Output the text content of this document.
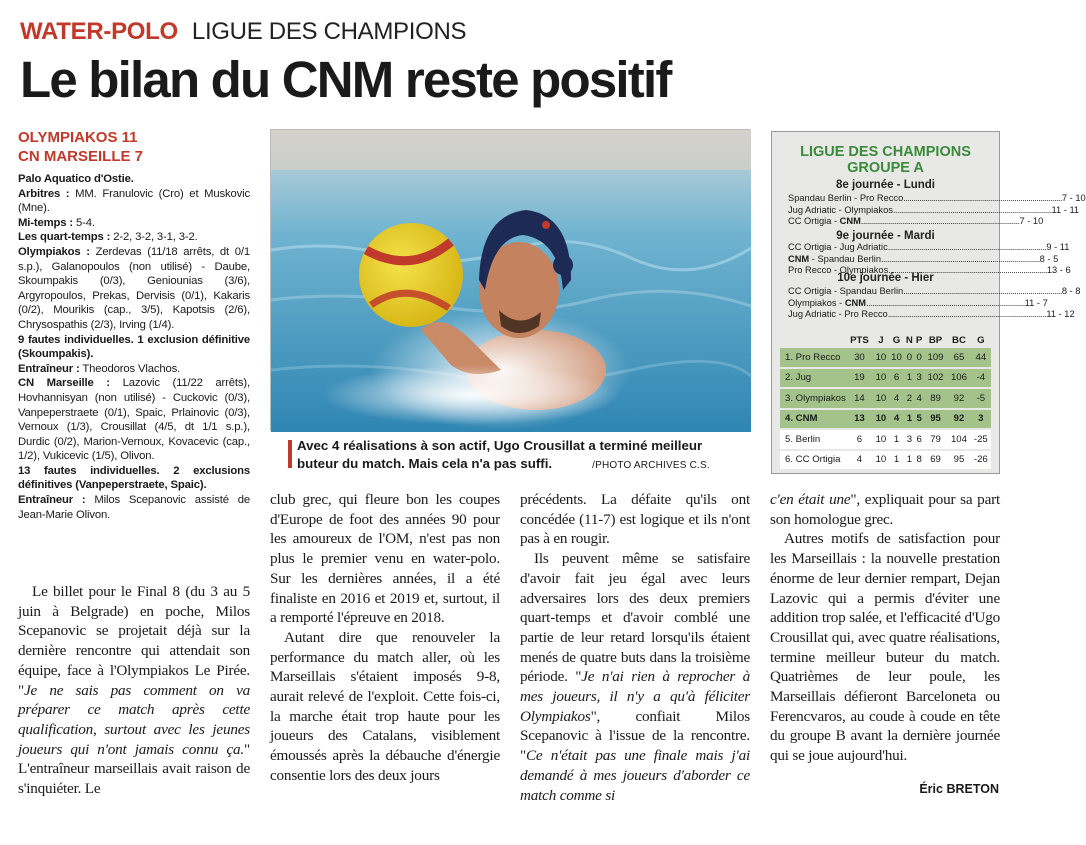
WATER-POLO LIGUE DES CHAMPIONS
Le bilan du CNM reste positif
OLYMPIAKOS 11
CN MARSEILLE 7

Palo Aquatico d'Ostie.

Arbitres : MM. Franulovic (Cro) et Muskovic (Mne).

Mi-temps : 5-4.

Les quart-temps : 2-2, 3-2, 3-1, 3-2.

Olympiakos : Zerdevas (11/18 arrêts, dt 0/1 s.p.), Galanopoulos (non utilisé) - Daube, Skoumpakis (0/3), Geniounias (3/6), Argyropoulos, Prekas, Dervisis (0/1), Kakaris (0/2), Mourikis (cap., 3/5), Kapotsis (2/6), Chrysospathis (2/3), Irving (1/4).

9 fautes individuelles. 1 exclusion définitive (Skoumpakis).

Entraîneur : Theodoros Vlachos.

CN Marseille : Lazovic (11/22 arrêts), Hovhannisyan (non utilisé) - Cuckovic (0/3), Vanpeperstraete (0/1), Spaic, Prlainovic (0/3), Vernoux (1/3), Crousillat (4/5, dt 1/1 s.p.), Durdic (0/2), Marion-Vernoux, Kovacevic (cap., 1/2), Vukicevic (1/5), Olivon.

13 fautes individuelles. 2 exclusions définitives (Vanpeperstraete, Spaic).

Entraîneur : Milos Scepanovic assisté de Jean-Marie Olivon.

Le billet pour le Final 8 (du 3 au 5 juin à Belgrade) en poche, Milos Scepanovic se projetait déjà sur la dernière rencontre qui attendait son équipe, face à l'Olympiakos Le Pirée. "Je ne sais pas comment on va préparer ce match après cette qualification, surtout avec les jeunes joueurs qui n'ont jamais connu ça." L'entraîneur marseillais avait raison de s'inquiéter. Le

Avec 4 réalisations à son actif, Ugo Crousillat a terminé meilleur buteur du match. Mais cela n'a pas suffi.	/PHOTO ARCHIVES C.S.

club grec, qui fleure bon les coupes d'Europe de foot des années 90 pour les amoureux de l'OM, n'est pas non plus le premier venu en water-polo. Sur les dernières années, il a été finaliste en 2016 et 2019 et, surtout, il a remporté l'épreuve en 2018.

Autant dire que renouveler la performance du match aller, où les Marseillais s'étaient imposés 9-8, aurait relevé de l'exploit. Cette fois-ci, la marche était trop haute pour les joueurs des Catalans, visiblement émoussés après la débauche d'énergie consentie lors des deux jours

précédents. La défaite qu'ils ont concédée (11-7) est logique et ils n'ont pas à en rougir.

Ils peuvent même se satisfaire d'avoir fait jeu égal avec leurs adversaires lors des deux premiers quart-temps et d'avoir comblé une partie de leur retard lorsqu'ils étaient menés de quatre buts dans la troisième période. "Je n'ai rien à reprocher à mes joueurs, il n'y a qu'à féliciter Olympiakos", confiait Milos Scepanovic à l'issue de la rencontre. "Ce n'était pas une finale mais j'ai demandé à mes joueurs d'aborder ce match comme si

c'en était une", expliquait pour sa part son homologue grec.

Autres motifs de satisfaction pour les Marseillais : la nouvelle prestation énorme de leur dernier rempart, Dejan Lazovic qui a permis d'éviter une addition trop salée, et l'efficacité d'Ugo Crousillat qui, avec quatre réalisations, termine meilleur buteur du match. Quatrièmes de leur poule, les Marseillais défieront Barceloneta ou Ferencvaros, au coude à coude en tête du groupe B avant la dernière journée qui se joue aujourd'hui.

Éric BRETON
LIGUE DES CHAMPIONS
GROUPE A
	PTS	J	G	N	P	BP	BC	G
1. Pro Recco	30	10	10	0	0	109	65	44
2. Jug	19	10	6	1	3	102	106	-4
3. Olympiakos	14	10	4	2	4	89	92	-5
4. CNM	13	10	4	1	5	95	92	3
5. Berlin	6	10	1	3	6	79	104	-25
6. CC Ortigia	4	10	1	1	8	69	95	-26
8e journée - Lundi
Spandau Berlin - Pro Recco ................................................................................ 7 - 10
Jug Adriatic - Olympiakos ................................................................................ 11 - 11
CC Ortigia - CNM ................................................................................ 7 - 10
9e journée - Mardi
CC Ortigia - Jug Adriatic ................................................................................ 9 - 11
CNM - Spandau Berlin ................................................................................ 8 - 5
Pro Recco - Olympiakos ................................................................................ 13 - 6
10e journée - Hier
CC Ortigia - Spandau Berlin ................................................................................ 8 - 8
Olympiakos - CNM ................................................................................ 11 - 7
Jug Adriatic - Pro Recco ................................................................................ 11 - 12
